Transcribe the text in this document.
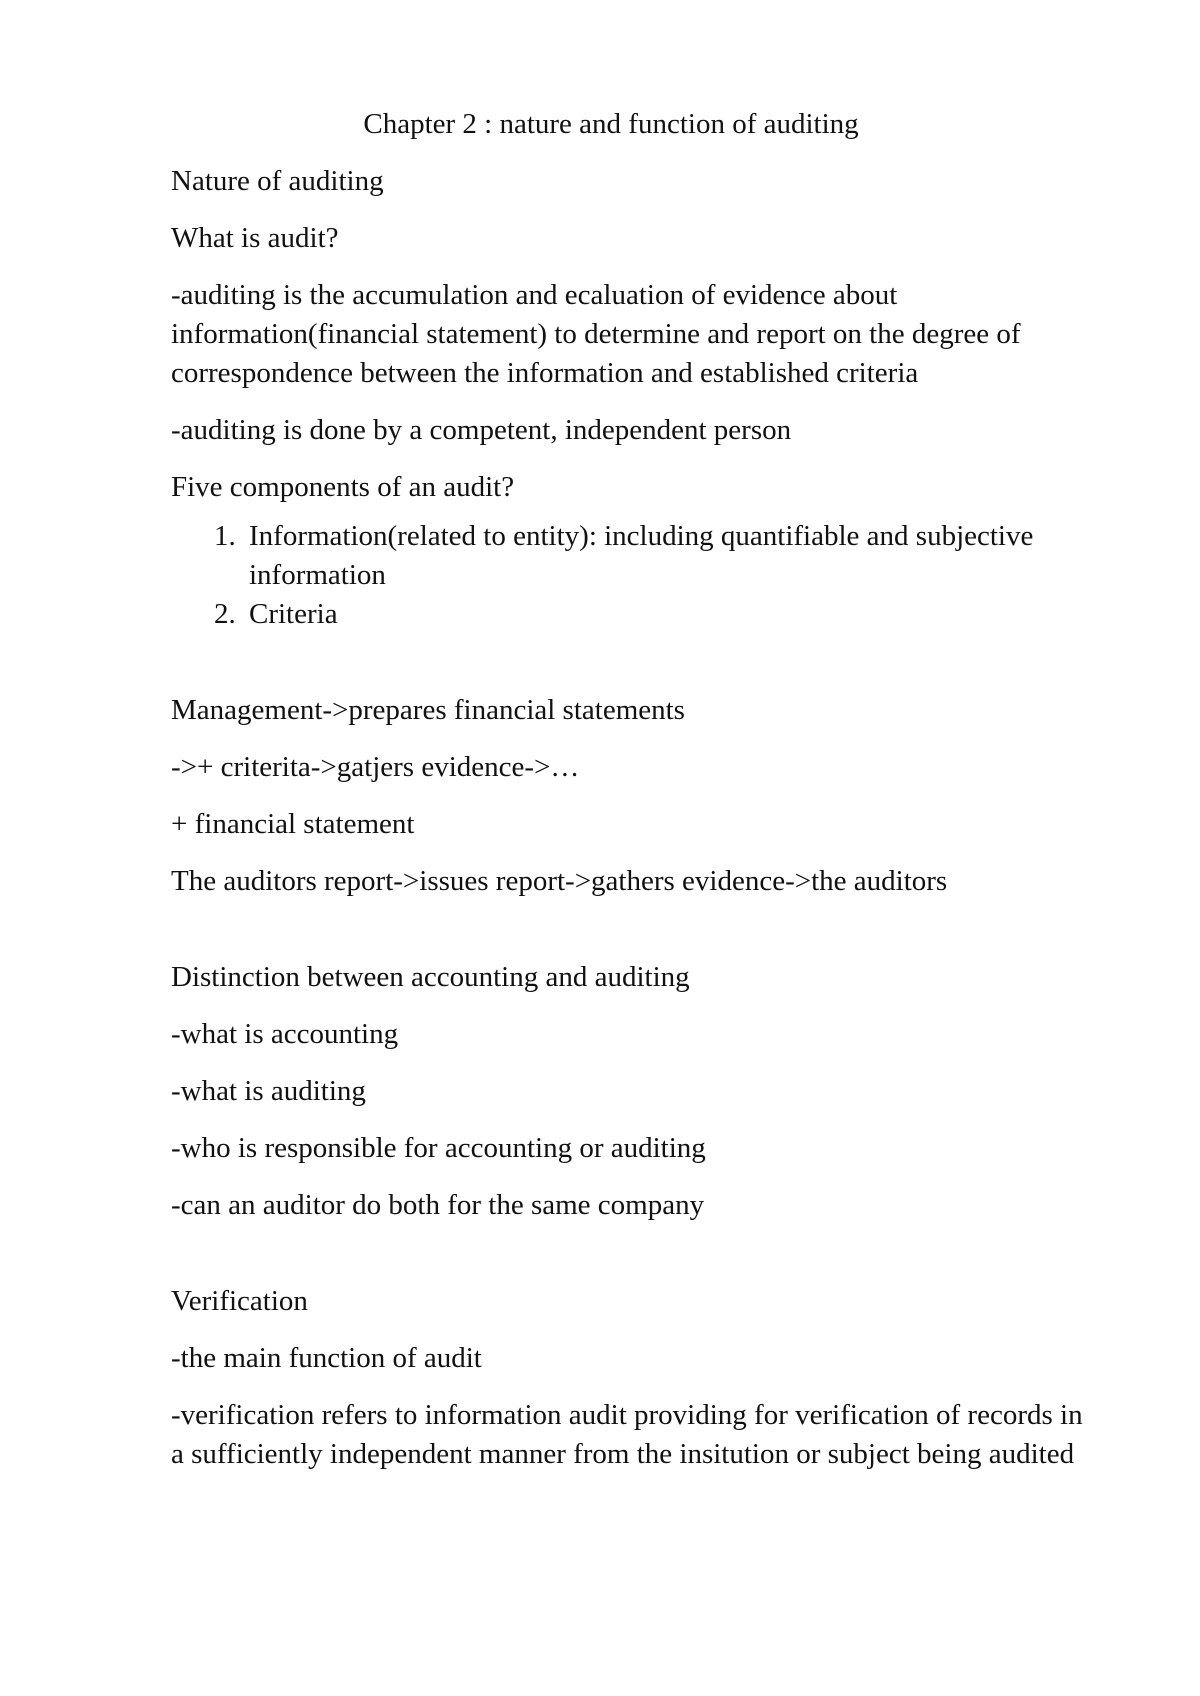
Chapter 2 : nature and function of auditing

Nature of auditing

What is audit?

-auditing is the accumulation and ecaluation of evidence about information(financial statement) to determine and report on the degree of correspondence between the information and established criteria

-auditing is done by a competent, independent person

Five components of an audit?

1. Information(related to entity): including quantifiable and subjective information
2. Criteria

Management->prepares financial statements

->+ criterita->gatjers evidence->…

+ financial statement

The auditors report->issues report->gathers evidence->the auditors

Distinction between accounting and auditing

-what is accounting

-what is auditing

-who is responsible for accounting or auditing

-can an auditor do both for the same company

Verification

-the main function of audit

-verification refers to information audit providing for verification of records in a sufficiently independent manner from the insitution or subject being audited
